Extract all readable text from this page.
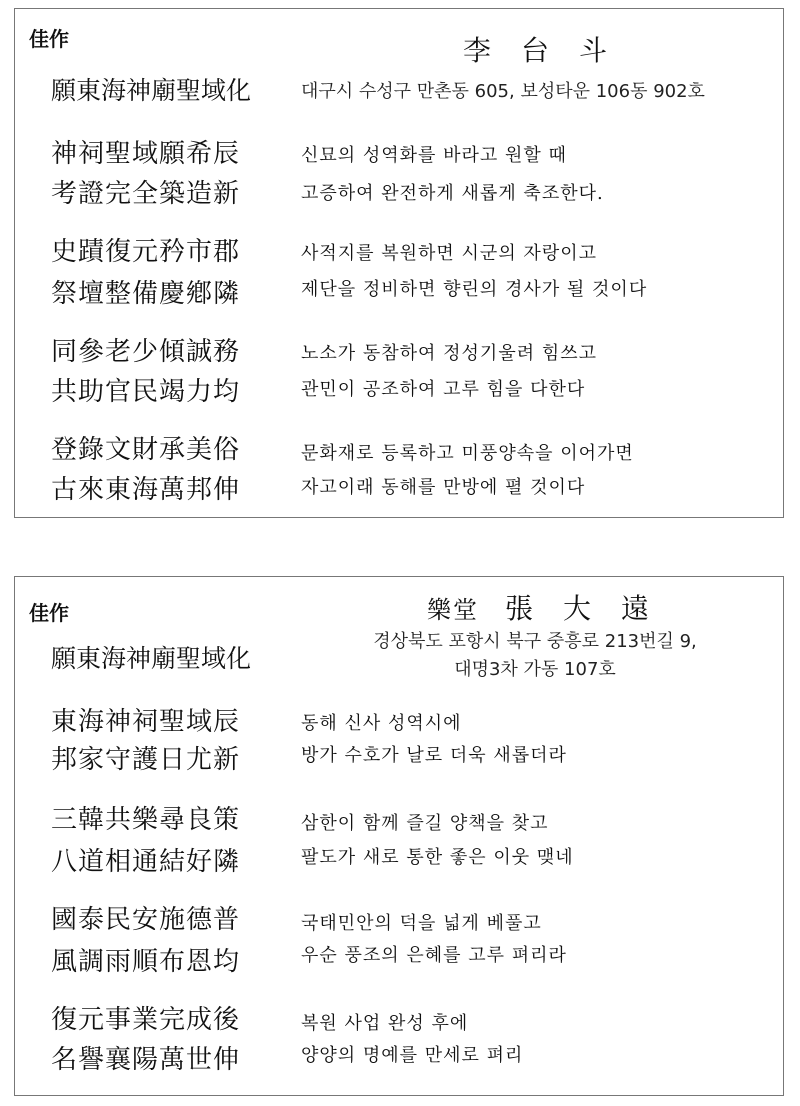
佳作	李台斗
願東海神廟聖域化	대구시 수성구 만촌동 605, 보성타운 106동 902호
神祠聖域願希辰	신묘의 성역화를 바라고 원할 때
考證完全築造新	고증하여 완전하게 새롭게 축조한다.
史蹟復元矜市郡	사적지를 복원하면 시군의 자랑이고
祭壇整備慶鄕隣	제단을 정비하면 향린의 경사가 될 것이다
同參老少傾誠務	노소가 동참하여 정성기울려 힘쓰고
共助官民竭力均	관민이 공조하여 고루 힘을 다한다
登錄文財承美俗	문화재로 등록하고 미풍양속을 이어가면
古來東海萬邦伸	자고이래 동해를 만방에 펼 것이다
佳作	樂堂 張大遠
願東海神廟聖域化
경상북도 포항시 북구 중흥로 213번길 9,
대명3차 가동 107호
東海神祠聖域辰	동해 신사 성역시에
邦家守護日尤新	방가 수호가 날로 더욱 새롭더라
三韓共樂尋良策	삼한이 함께 즐길 양책을 찾고
八道相通結好隣	팔도가 새로 통한 좋은 이웃 맺네
國泰民安施德普	국태민안의 덕을 넓게 베풀고
風調雨順布恩均	우순 풍조의 은혜를 고루 펴리라
復元事業完成後	복원 사업 완성 후에
名譽襄陽萬世伸	양양의 명예를 만세로 펴리
